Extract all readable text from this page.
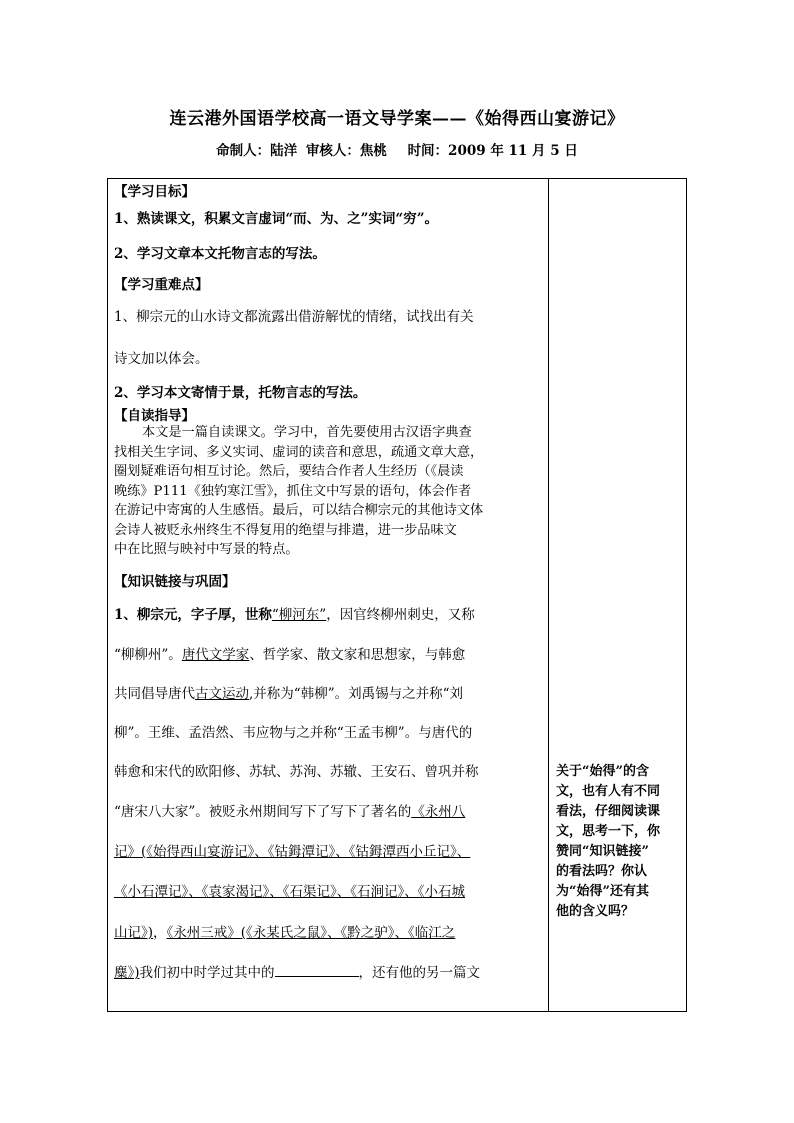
连云港外国语学校高一语文导学案——《始得西山宴游记》
命制人：陆洋 审核人：焦桃 时间：2009 年 11 月 5 日
【学习目标】
1、熟读课文，积累文言虚词“而、为、之”实词“穷”。
2、学习文章本文托物言志的写法。
【学习重难点】
1、柳宗元的山水诗文都流露出借游解忧的情绪，试找出有关
诗文加以体会。
2、学习本文寄情于景，托物言志的写法。
【自读指导】
本文是一篇自读课文。学习中，首先要使用古汉语字典查
找相关生字词、多义实词、虚词的读音和意思，疏通文章大意，
圈划疑难语句相互讨论。然后，要结合作者人生经历（《晨读
晚练》P111《独钓寒江雪》，抓住文中写景的语句，体会作者
在游记中寄寓的人生感悟。最后，可以结合柳宗元的其他诗文体
会诗人被贬永州终生不得复用的绝望与排遣，进一步品味文
中在比照与映衬中写景的特点。
【知识链接与巩固】
1、柳宗元，字子厚，世称“柳河东”，因官终柳州刺史，又称
“柳柳州”。唐代文学家、哲学家、散文家和思想家，与韩愈
共同倡导唐代古文运动,并称为“韩柳”。刘禹锡与之并称“刘
柳”。王维、孟浩然、韦应物与之并称“王孟韦柳”。与唐代的
韩愈和宋代的欧阳修、苏轼、苏洵、苏辙、王安石、曾巩并称
“唐宋八大家”。被贬永州期间写下了写下了著名的《永州八
记》(《始得西山宴游记》、《钴鉧潭记》、《钴鉧潭西小丘记》、
《小石潭记》、《袁家渴记》、《石渠记》、《石涧记》、《小石城
山记》)，《永州三戒》(《永某氏之鼠》、《黔之驴》、《临江之
麋》)我们初中时学过其中的	，还有他的另一篇文
关于“始得”的含
文，也有人有不同
看法，仔细阅读课
文，思考一下，你
赞同“知识链接”
的看法吗？你认
为“始得”还有其
他的含义吗？
